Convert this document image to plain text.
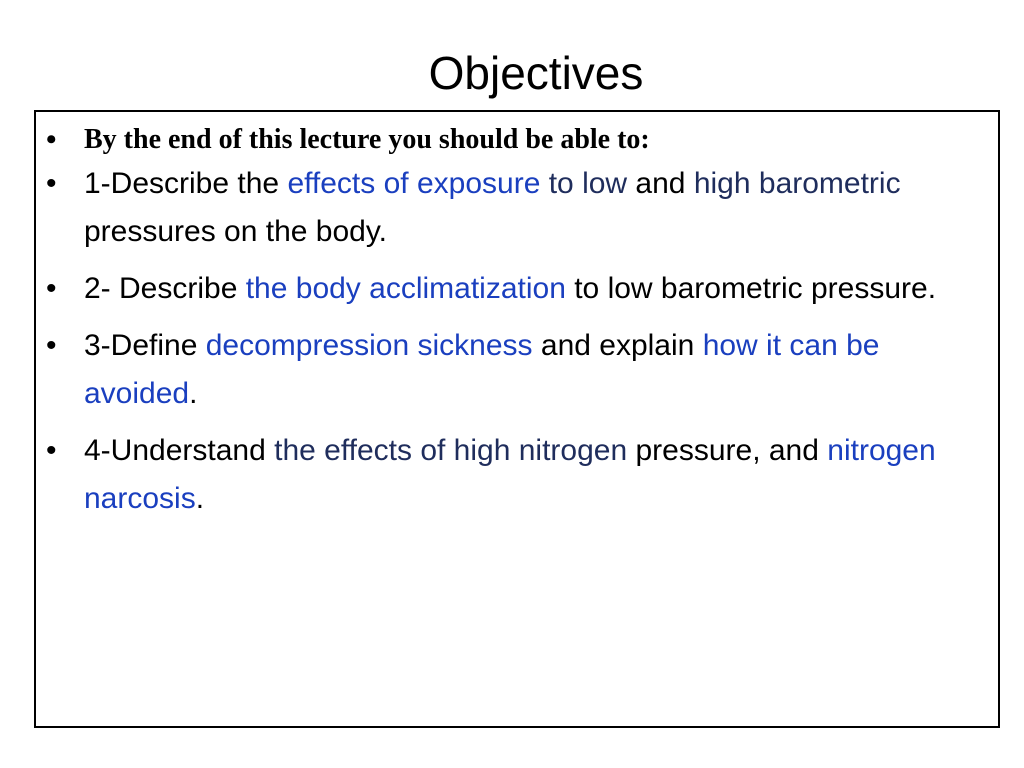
Objectives
• By the end of this lecture you should be able to:
• 1-Describe the effects of exposure to low and high barometric pressures on the body.
• 2- Describe the body acclimatization to low barometric pressure.
• 3-Define decompression sickness and explain how it can be avoided.
• 4-Understand the effects of high nitrogen pressure, and nitrogen narcosis.
